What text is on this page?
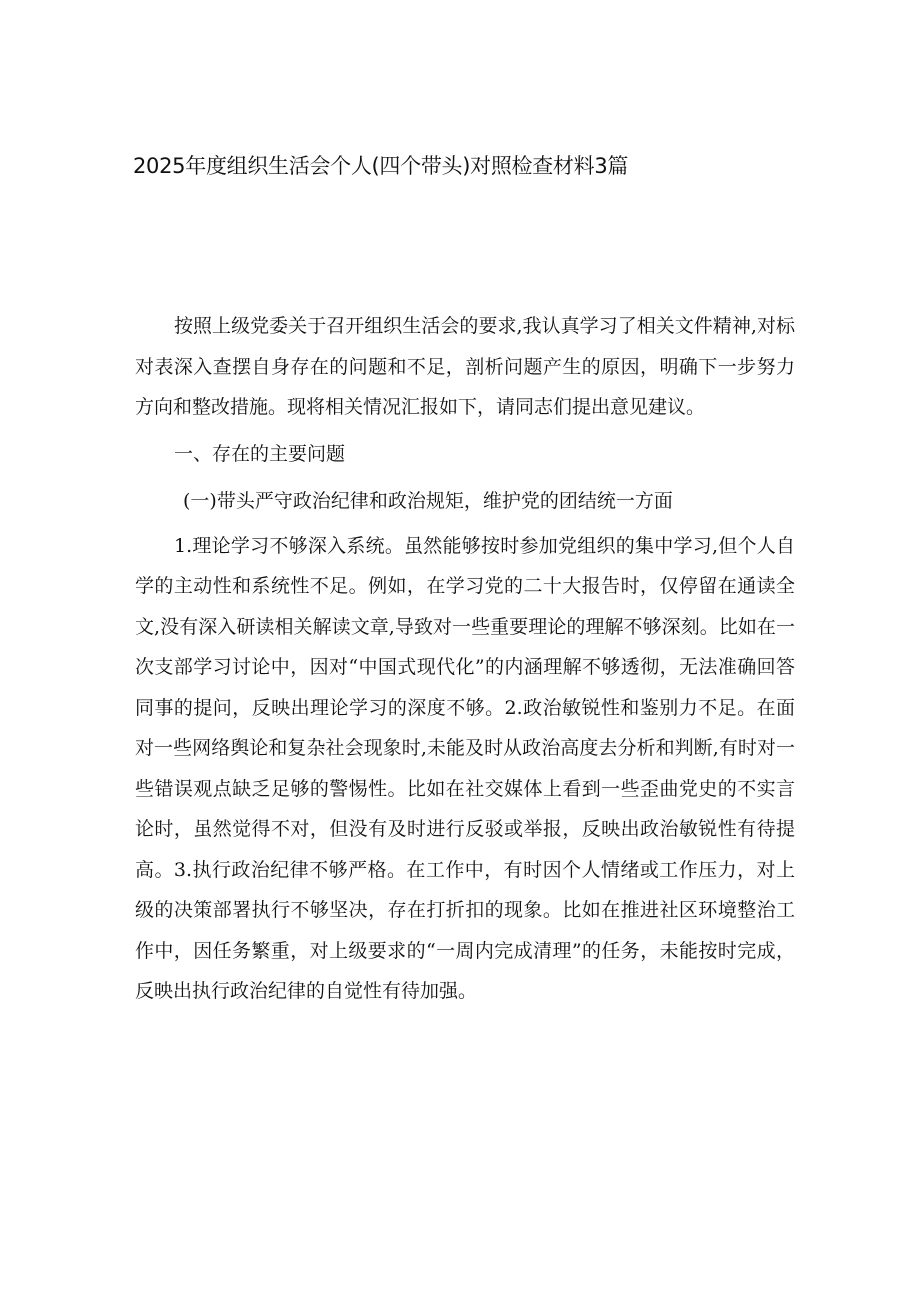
2025年度组织生活会个人(四个带头)对照检查材料3篇

按照上级党委关于召开组织生活会的要求,我认真学习了相关文件精神,对标对表深入查摆自身存在的问题和不足，剖析问题产生的原因，明确下一步努力方向和整改措施。现将相关情况汇报如下，请同志们提出意见建议。

一、存在的主要问题

(一)带头严守政治纪律和政治规矩，维护党的团结统一方面

1.理论学习不够深入系统。虽然能够按时参加党组织的集中学习,但个人自学的主动性和系统性不足。例如，在学习党的二十大报告时，仅停留在通读全文,没有深入研读相关解读文章,导致对一些重要理论的理解不够深刻。比如在一次支部学习讨论中，因对“中国式现代化”的内涵理解不够透彻，无法准确回答同事的提问，反映出理论学习的深度不够。2.政治敏锐性和鉴别力不足。在面对一些网络舆论和复杂社会现象时,未能及时从政治高度去分析和判断,有时对一些错误观点缺乏足够的警惕性。比如在社交媒体上看到一些歪曲党史的不实言论时，虽然觉得不对，但没有及时进行反驳或举报，反映出政治敏锐性有待提高。3.执行政治纪律不够严格。在工作中，有时因个人情绪或工作压力，对上级的决策部署执行不够坚决，存在打折扣的现象。比如在推进社区环境整治工作中，因任务繁重，对上级要求的“一周内完成清理”的任务，未能按时完成，反映出执行政治纪律的自觉性有待加强。
